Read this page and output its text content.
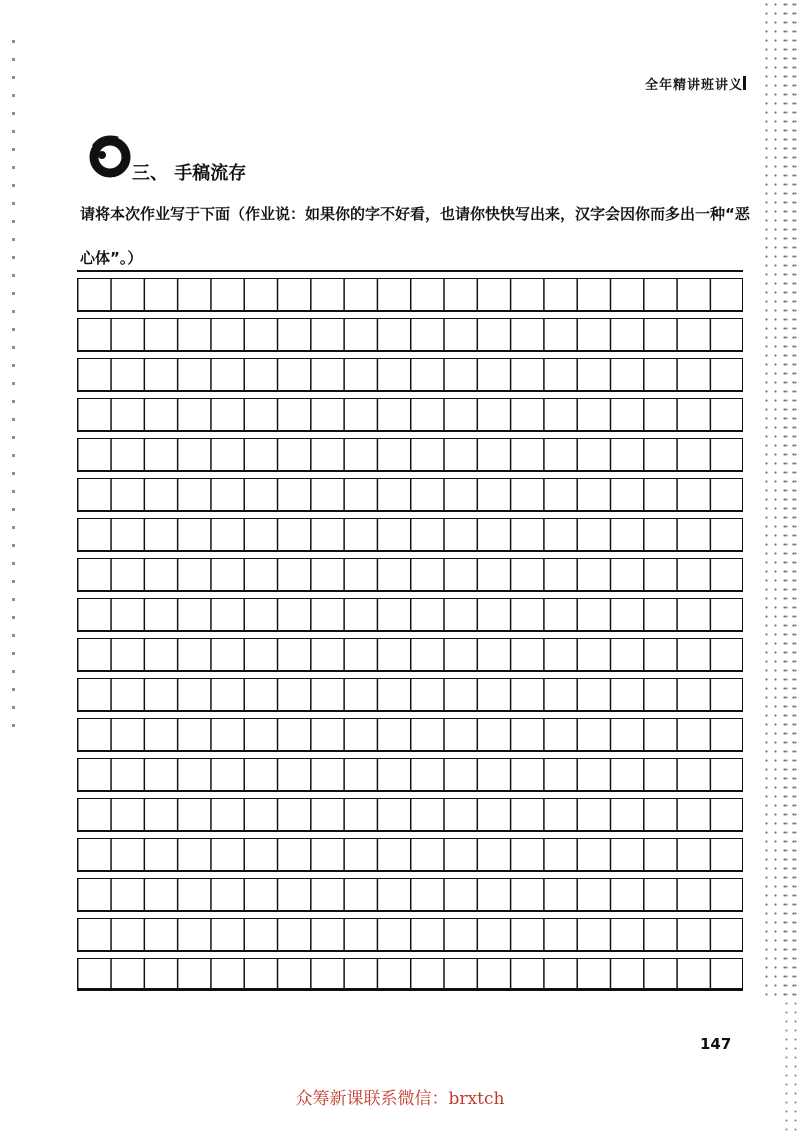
全年精讲班讲义
三、 手稿流存
请将本次作业写于下面（作业说：如果你的字不好看，也请你快快写出来，汉字会因你而多出一种“恶
心体”。）
147
众筹新课联系微信：brxtch
